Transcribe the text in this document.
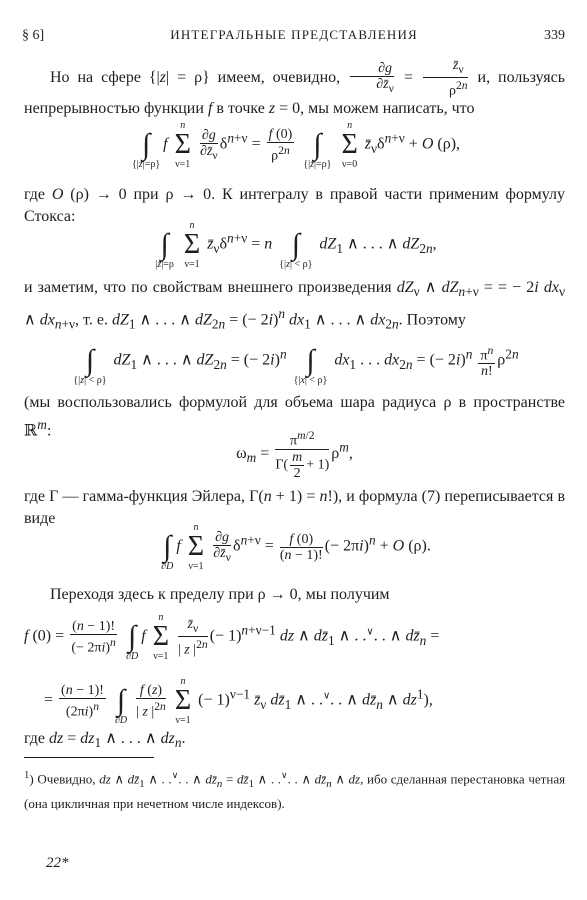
§ 6]	ИНТЕГРАЛЬНЫЕ ПРЕДСТАВЛЕНИЯ	339
Но на сфере {|z| = ρ} имеем, очевидно, $\frac{\partial g}{\partial z̄_\nu} = \frac{z̄_\nu}{\rho^{2n}} и$, пользуясь непрерывностью функции f в точке z = 0, мы можем написать, что

∫
{|z|=ρ}
f
n
Σ
ν=1

$\frac{\partial g}{\partial z̄_\nu} \delta^{n+\nu} = \frac{f (0)}{\rho^{2n}}$

∫
{|z|=ρ}

n
Σ
ν=0
$z̄_\nu\delta^{n+\nu} + O$ (ρ),
где O (ρ) → 0 при ρ → 0. К интегралу в правой части применим формулу Стокса:

∫
|z|=ρ

n
Σ
ν=1
$z̄_\nu\delta^{n+\nu} = n$
∫
{|z| < ρ}
$dZ_1$ ∧ . . . ∧ $dZ_{2n}$,
и заметим, что по свойствам внешнего произведения $dZ_\nu$ ∧ $dZ_{n+\nu}$ = = − 2i $dx_\nu$ ∧ $dx_{n+\nu}$, т. е. $dZ_1$ ∧ . . . ∧ $dZ_{2n}$ = (− 2i)$^n$ $dx_1$ ∧ . . . ∧ $dx_{2n}$. Поэтому

∫
{|z| < ρ}
$dZ_1$ ∧ . . . ∧ $dZ_{2n}$ = (− 2i)$^n$
∫
{|x| < ρ}
$dx_1$ . . . $dx_{2n}$ = (− $2i)^n \frac{\pi^n}{n!} \rho^{2n}$
(мы воспользовались формулой для объема шара радиуса ρ в пространстве ℝ$^m$:
$\omega_m = \frac{\pi^{m/2}}{\Gamma( \frac{m}{2} + 1)} \rho^m$,
где Γ — гамма-функция Эйлера, Γ(n + 1) = n!), и формула (7) переписывается в виде

∫
∂D
f
n
Σ
ν=1

$\frac{\partial g}{\partial z̄_\nu} \delta^{n+\nu} = \frac{f (0)}{(n - 1)!}$ (− 2πi)$^n$ + O (ρ).
Переходя здесь к пределу при ρ → 0, мы получим
f $(0) = \frac{(n - 1)!}{(- 2\pi i)^n}$

∫
∂D
f
n
Σ
ν=1
$\frac{z̄_\nu}{| z |^{2n}}$ (− 1)$^{n+\nu-1}$ dz ∧ $dz̄_1$ ∧ . .∨. . ∧ $dz̄_n$ =
= $\frac{(n - 1)!}{(2\pi i)^n}$

∫
∂D

$\frac{f (z)}{| z |^{2n}}$

n
Σ
ν=1
(− 1)$^{\nu-1}$ $z̄_\nu$ $dz̄_1$ ∧ . .∨. . ∧ $dz̄_n$ ∧ $dz^1$),
где dz = $dz_1$ ∧ . . . ∧ $dz_n$.
$^1$) Очевидно, dz ∧ $dz̄_1$ ∧ . .∨. . ∧ $dz̄_n$ = $dz̄_1$ ∧ . .∨. . ∧ $dz̄_n$ ∧ dz, ибо сделанная перестановка четная (она цикличная при нечетном числе индексов).
22*
